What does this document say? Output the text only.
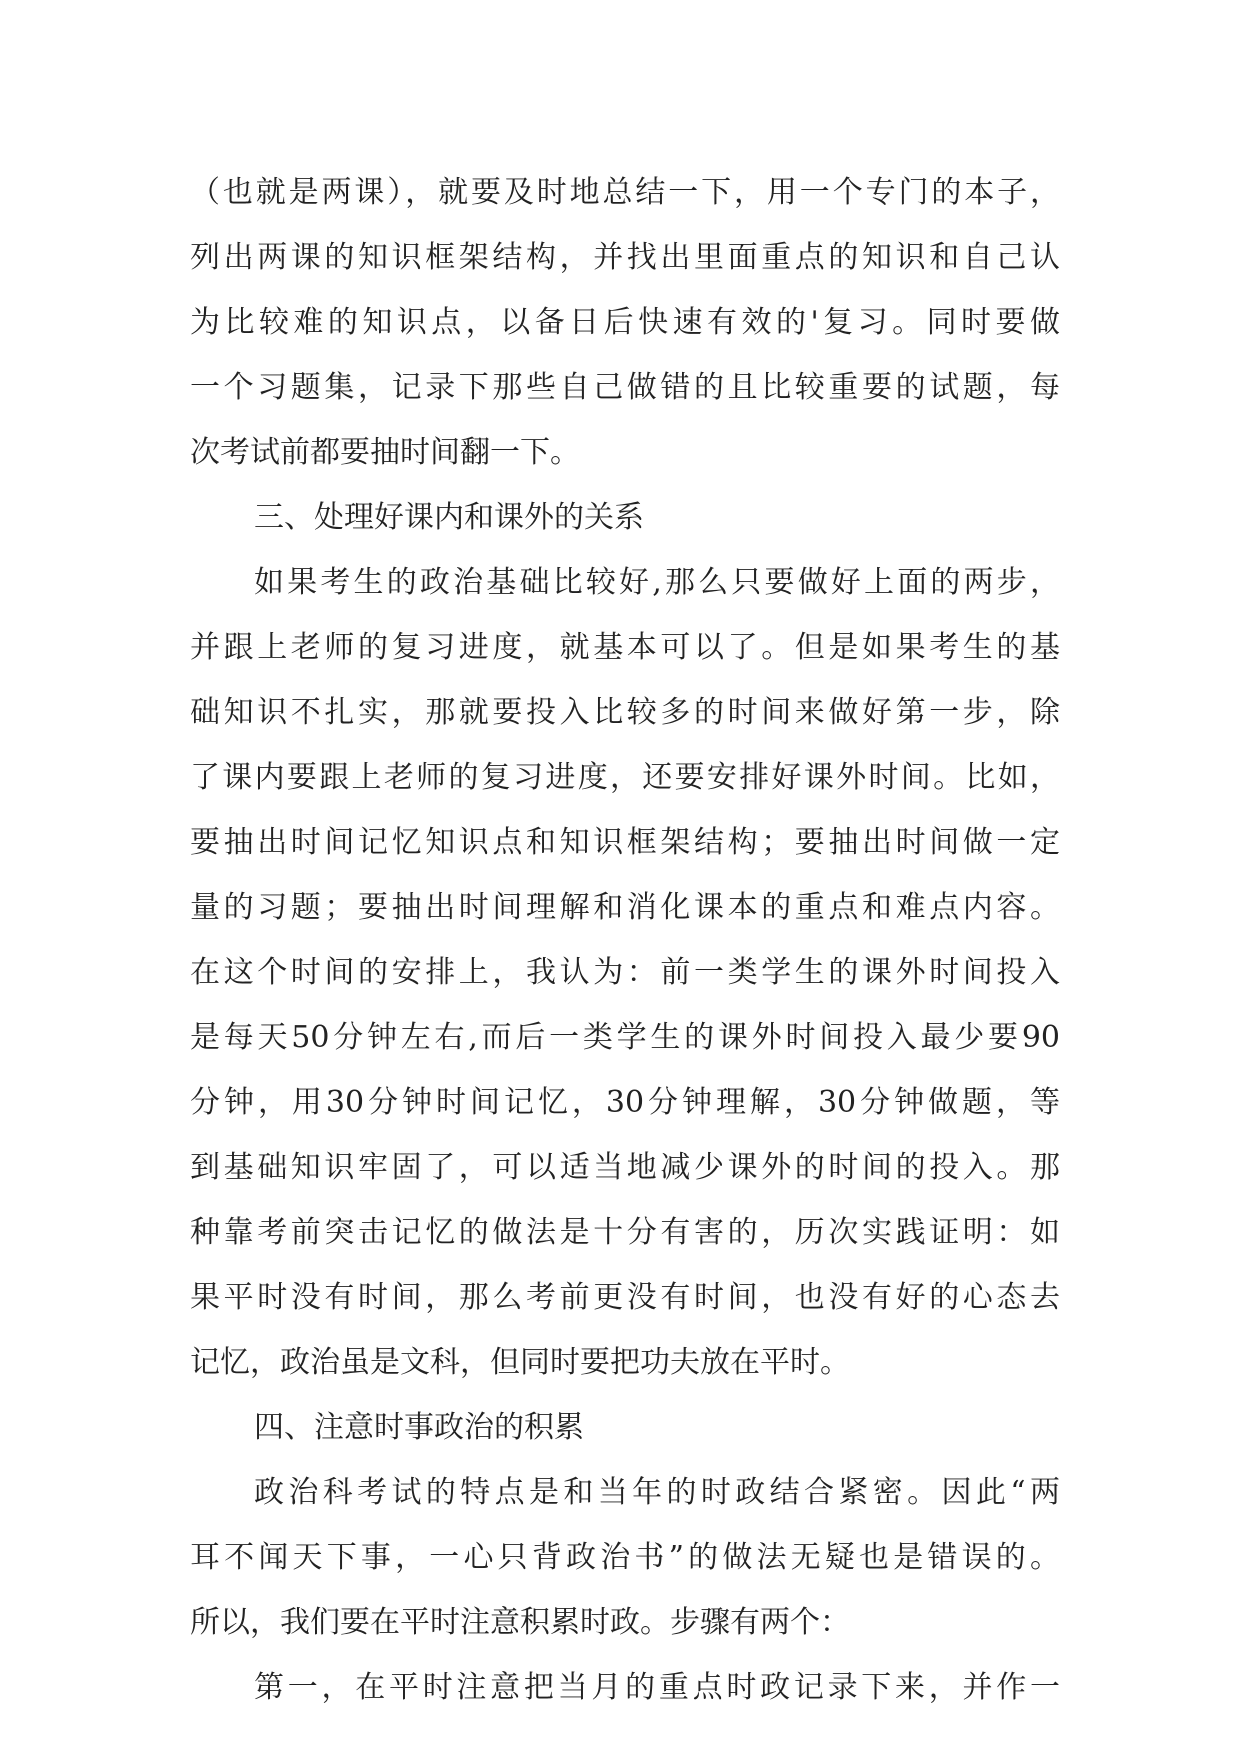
（也就是两课），就要及时地总结一下，用一个专门的本子，
列出两课的知识框架结构，并找出里面重点的知识和自己认
为比较难的知识点，以备日后快速有效的'复习。同时要做
一个习题集，记录下那些自己做错的且比较重要的试题，每
次考试前都要抽时间翻一下。
三、处理好课内和课外的关系
如果考生的政治基础比较好,那么只要做好上面的两步，
并跟上老师的复习进度，就基本可以了。但是如果考生的基
础知识不扎实，那就要投入比较多的时间来做好第一步，除
了课内要跟上老师的复习进度，还要安排好课外时间。比如，
要抽出时间记忆知识点和知识框架结构；要抽出时间做一定
量的习题；要抽出时间理解和消化课本的重点和难点内容。
在这个时间的安排上，我认为：前一类学生的课外时间投入
是每天50分钟左右,而后一类学生的课外时间投入最少要90
分钟，用30分钟时间记忆，30分钟理解，30分钟做题，等
到基础知识牢固了，可以适当地减少课外的时间的投入。那
种靠考前突击记忆的做法是十分有害的，历次实践证明：如
果平时没有时间，那么考前更没有时间，也没有好的心态去
记忆，政治虽是文科，但同时要把功夫放在平时。
四、注意时事政治的积累
政治科考试的特点是和当年的时政结合紧密。因此“两
耳不闻天下事，一心只背政治书”的做法无疑也是错误的。
所以，我们要在平时注意积累时政。步骤有两个：
第一，在平时注意把当月的重点时政记录下来，并作一
